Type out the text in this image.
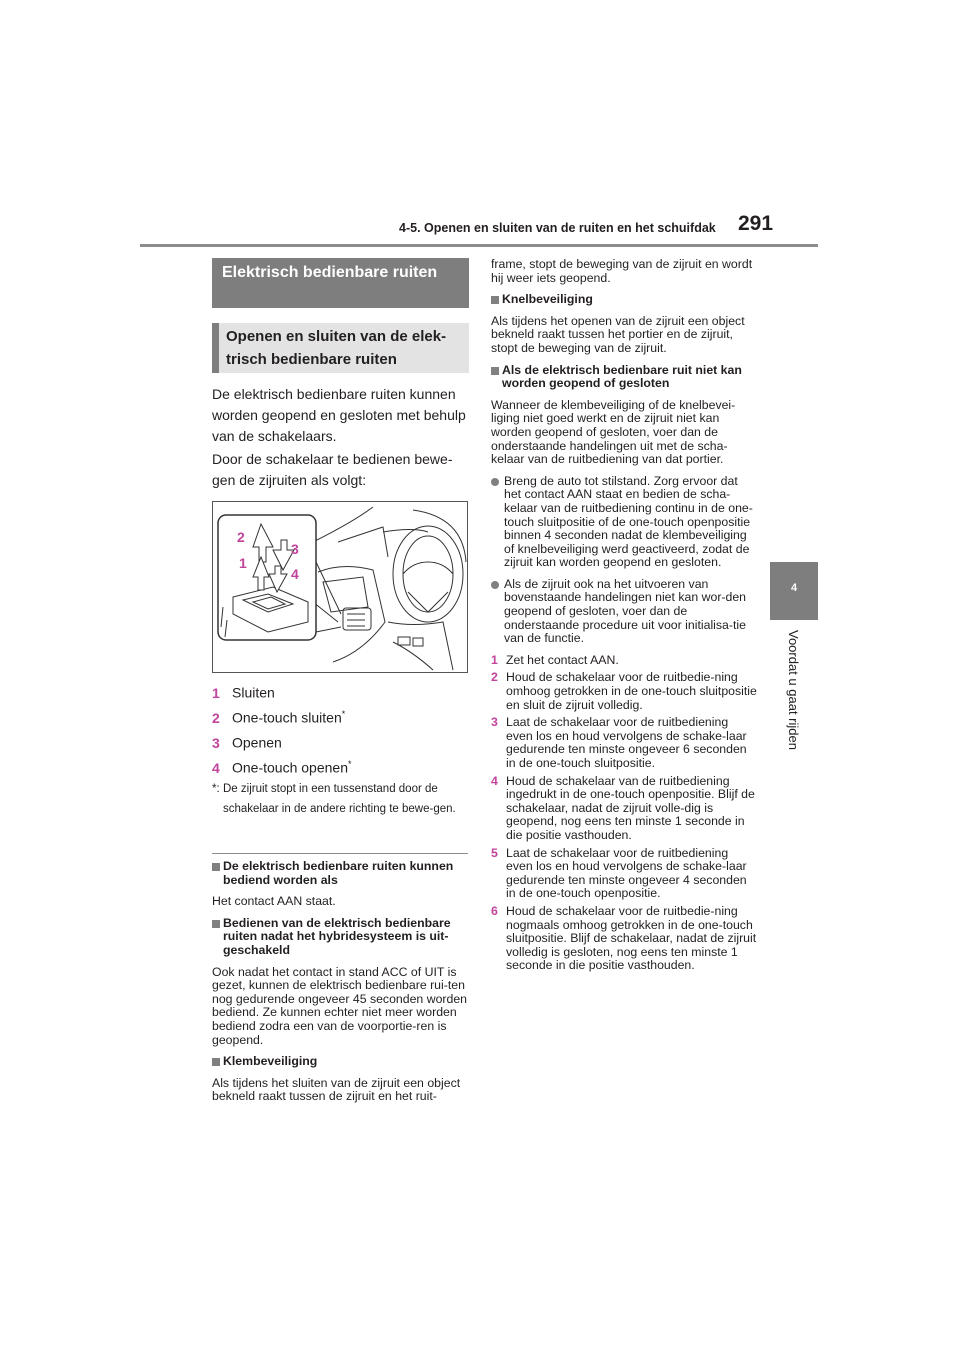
4-5. Openen en sluiten van de ruiten en het schuifdak 291
4
Voordat u gaat rijden
Elektrisch bedienbare ruiten
Openen en sluiten van de elek-trisch bedienbare ruiten
De elektrisch bedienbare ruiten kunnen worden geopend en gesloten met behulp van de schakelaars.
Door de schakelaar te bedienen bewe-gen de zijruiten als volgt:
2
3
1
4
1 Sluiten
2 One-touch sluiten*
3 Openen
4 One-touch openen*
*: De zijruit stopt in een tussenstand door de schakelaar in de andere richting te bewe-gen.

De elektrisch bedienbare ruiten kunnen bediend worden als

Het contact AAN staat.

Bedienen van de elektrisch bedienbare ruiten nadat het hybridesysteem is uit-geschakeld

Ook nadat het contact in stand ACC of UIT is gezet, kunnen de elektrisch bedienbare rui-ten nog gedurende ongeveer 45 seconden worden bediend. Ze kunnen echter niet meer worden bediend zodra een van de voorportie-ren is geopend.

Klembeveiliging

Als tijdens het sluiten van de zijruit een object bekneld raakt tussen de zijruit en het ruit-

frame, stopt de beweging van de zijruit en wordt hij weer iets geopend.

Knelbeveiliging

Als tijdens het openen van de zijruit een object bekneld raakt tussen het portier en de zijruit, stopt de beweging van de zijruit.

Als de elektrisch bedienbare ruit niet kan worden geopend of gesloten

Wanneer de klembeveiliging of de knelbevei-liging niet goed werkt en de zijruit niet kan worden geopend of gesloten, voer dan de onderstaande handelingen uit met de scha-kelaar van de ruitbediening van dat portier.

Breng de auto tot stilstand. Zorg ervoor dat het contact AAN staat en bedien de scha-kelaar van de ruitbediening continu in de one-touch sluitpositie of de one-touch openpositie binnen 4 seconden nadat de klembeveiliging of knelbeveiliging werd geactiveerd, zodat de zijruit kan worden geopend en gesloten.

Als de zijruit ook na het uitvoeren van bovenstaande handelingen niet kan wor-den geopend of gesloten, voer dan de onderstaande procedure uit voor initialisa-tie van de functie.

1 Zet het contact AAN.

2 Houd de schakelaar voor de ruitbedie-ning omhoog getrokken in de one-touch sluitpositie en sluit de zijruit volledig.

3 Laat de schakelaar voor de ruitbediening even los en houd vervolgens de schake-laar gedurende ten minste ongeveer 6 seconden in de one-touch sluitpositie.

4 Houd de schakelaar van de ruitbediening ingedrukt in de one-touch openpositie. Blijf de schakelaar, nadat de zijruit volle-dig is geopend, nog eens ten minste 1 seconde in die positie vasthouden.

5 Laat de schakelaar voor de ruitbediening even los en houd vervolgens de schake-laar gedurende ten minste ongeveer 4 seconden in de one-touch openpositie.

6 Houd de schakelaar voor de ruitbedie-ning nogmaals omhoog getrokken in de one-touch sluitpositie. Blijf de schakelaar, nadat de zijruit volledig is gesloten, nog eens ten minste 1 seconde in die positie vasthouden.
